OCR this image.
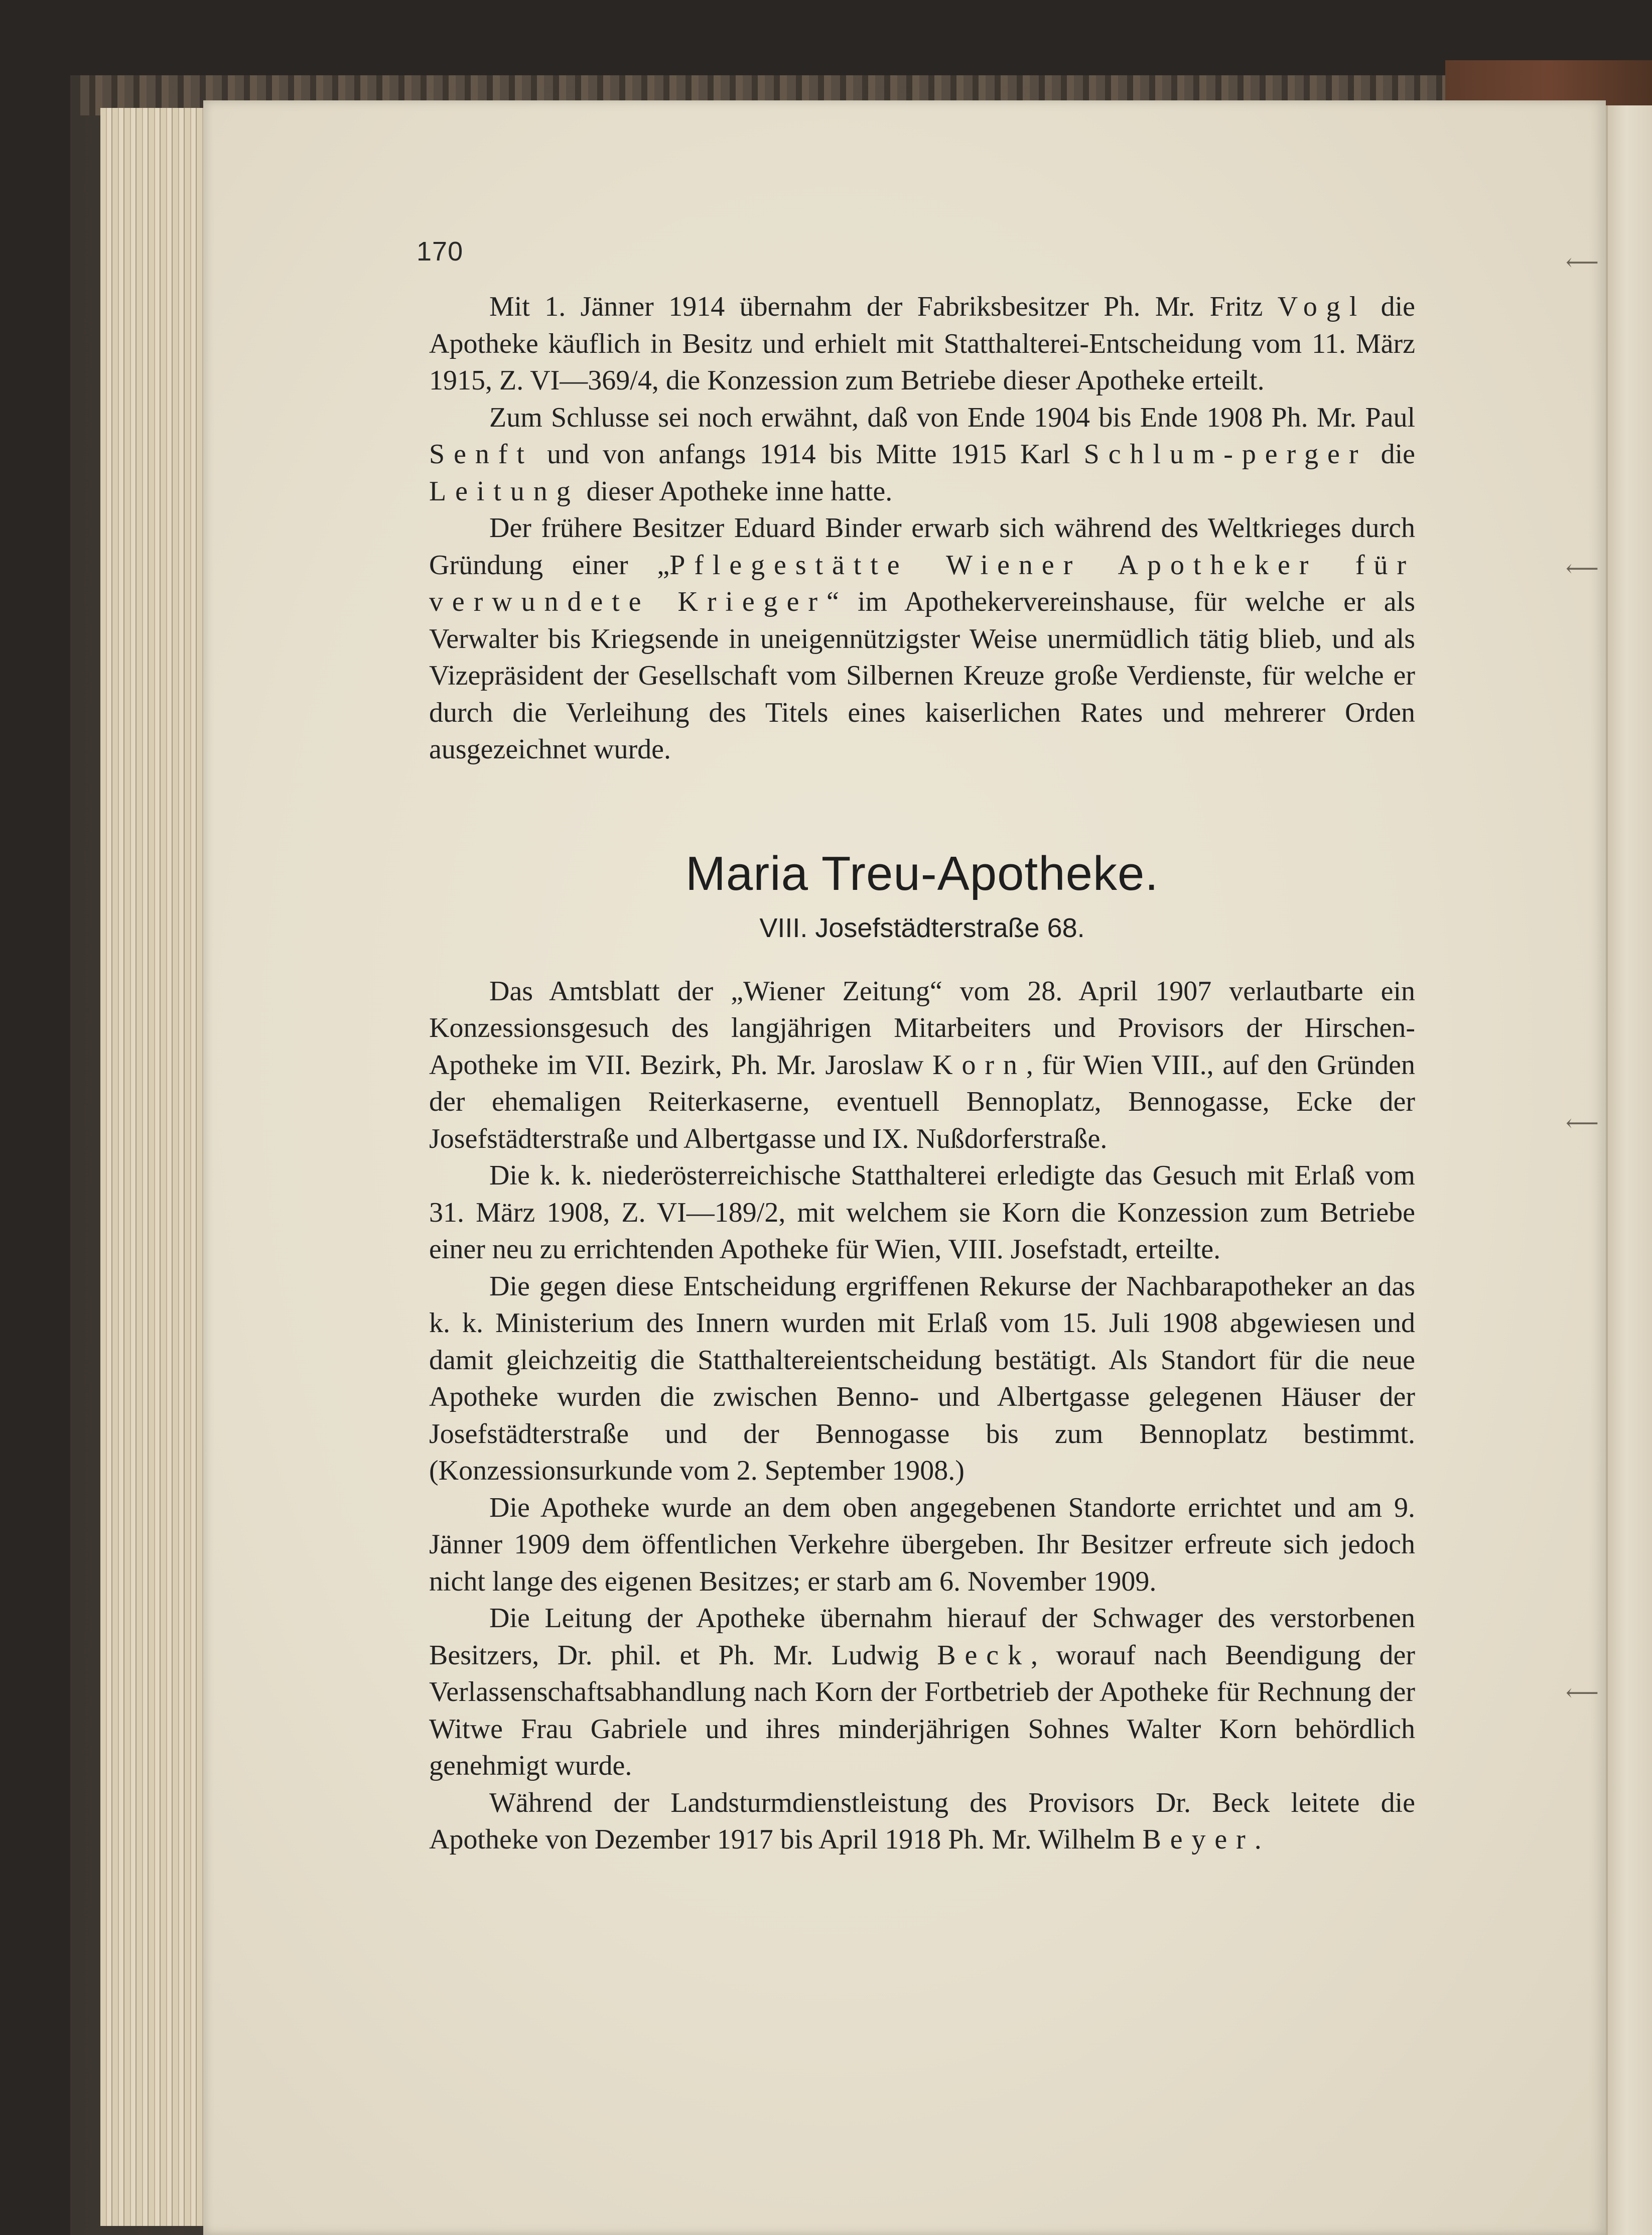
⟵
⟵
⟵
⟵
170

Mit 1. Jänner 1914 übernahm der Fabriksbesitzer Ph. Mr. Fritz Vogl die Apotheke käuflich in Besitz und erhielt mit Statthalterei-Entscheidung vom 11. März 1915, Z. VI—369/4, die Konzession zum Betriebe dieser Apotheke erteilt.

Zum Schlusse sei noch erwähnt, daß von Ende 1904 bis Ende 1908 Ph. Mr. Paul Senft und von anfangs 1914 bis Mitte 1915 Karl Schlum-perger die Leitung dieser Apotheke inne hatte.

Der frühere Besitzer Eduard Binder erwarb sich während des Weltkrieges durch Gründung einer „Pflegestätte Wiener Apotheker für verwundete Krieger“ im Apothekervereinshause, für welche er als Verwalter bis Kriegsende in uneigennützigster Weise unermüdlich tätig blieb, und als Vizepräsident der Gesellschaft vom Silbernen Kreuze große Verdienste, für welche er durch die Verleihung des Titels eines kaiserlichen Rates und mehrerer Orden ausgezeichnet wurde.

Maria Treu-Apotheke.
VIII. Josefstädterstraße 68.

Das Amtsblatt der „Wiener Zeitung“ vom 28. April 1907 verlautbarte ein Konzessionsgesuch des langjährigen Mitarbeiters und Provisors der Hirschen-Apotheke im VII. Bezirk, Ph. Mr. Jaroslaw Korn, für Wien VIII., auf den Gründen der ehemaligen Reiterkaserne, eventuell Bennoplatz, Bennogasse, Ecke der Josefstädterstraße und Albertgasse und IX. Nußdorferstraße.

Die k. k. niederösterreichische Statthalterei erledigte das Gesuch mit Erlaß vom 31. März 1908, Z. VI—189/2, mit welchem sie Korn die Konzession zum Betriebe einer neu zu errichtenden Apotheke für Wien, VIII. Josefstadt, erteilte.

Die gegen diese Entscheidung ergriffenen Rekurse der Nachbarapotheker an das k. k. Ministerium des Innern wurden mit Erlaß vom 15. Juli 1908 abgewiesen und damit gleichzeitig die Statthaltereientscheidung bestätigt. Als Standort für die neue Apotheke wurden die zwischen Benno- und Albertgasse gelegenen Häuser der Josefstädterstraße und der Bennogasse bis zum Bennoplatz bestimmt. (Konzessionsurkunde vom 2. September 1908.)

Die Apotheke wurde an dem oben angegebenen Standorte errichtet und am 9. Jänner 1909 dem öffentlichen Verkehre übergeben. Ihr Besitzer erfreute sich jedoch nicht lange des eigenen Besitzes; er starb am 6. November 1909.

Die Leitung der Apotheke übernahm hierauf der Schwager des verstorbenen Besitzers, Dr. phil. et Ph. Mr. Ludwig Beck, worauf nach Beendigung der Verlassenschaftsabhandlung nach Korn der Fortbetrieb der Apotheke für Rechnung der Witwe Frau Gabriele und ihres minderjährigen Sohnes Walter Korn behördlich genehmigt wurde.

Während der Landsturmdienstleistung des Provisors Dr. Beck leitete die Apotheke von Dezember 1917 bis April 1918 Ph. Mr. Wilhelm Beyer.
